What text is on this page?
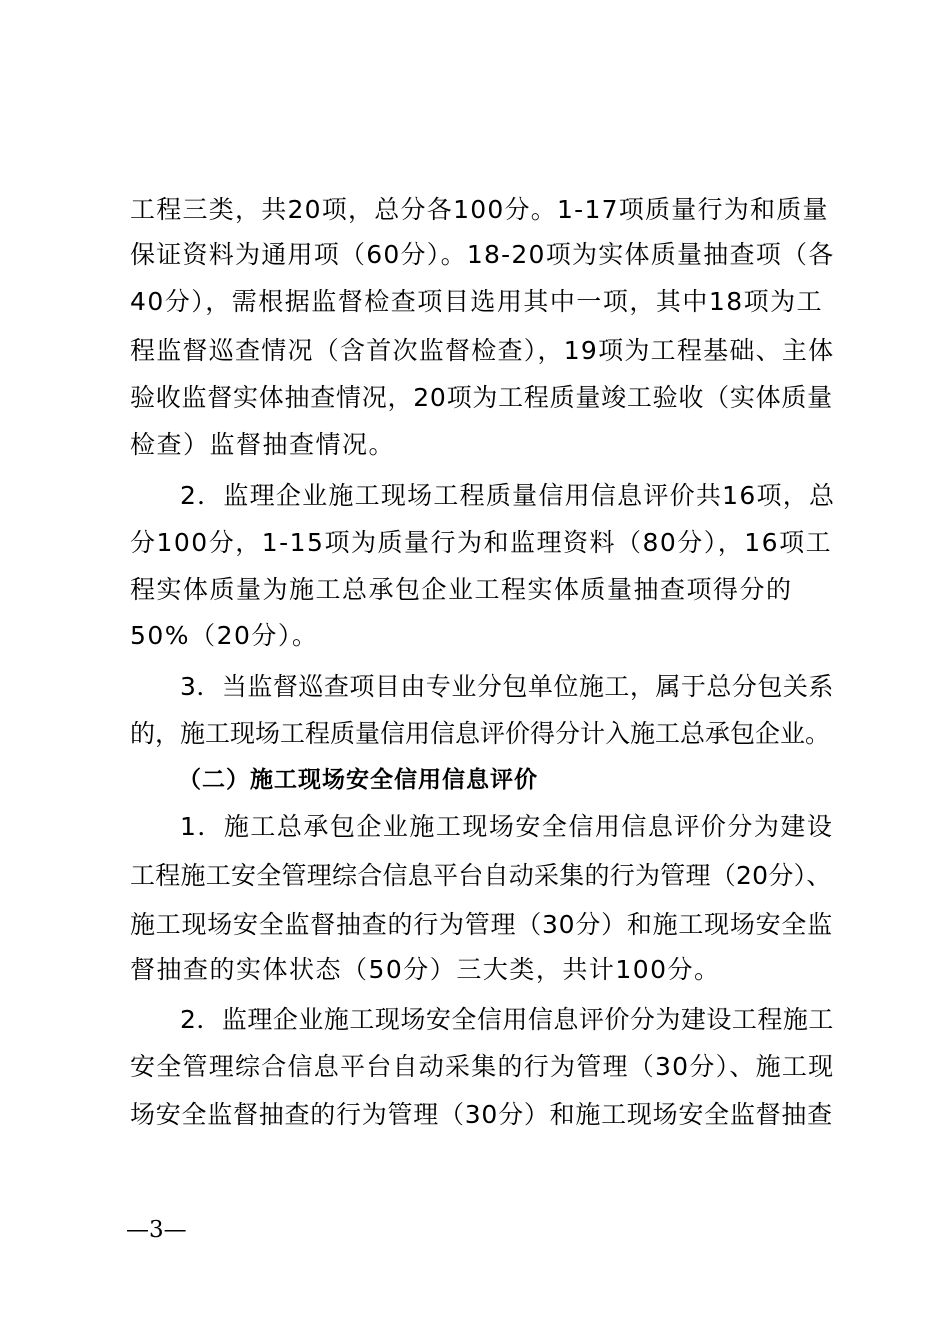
工程三类，共20项，总分各100分。1-17项质量行为和质量
保证资料为通用项（60分）。18-20项为实体质量抽查项（各
40分），需根据监督检查项目选用其中一项，其中18项为工
程监督巡查情况（含首次监督检查），19项为工程基础、主体
验收监督实体抽查情况，20项为工程质量竣工验收（实体质量
检查）监督抽查情况。
2．监理企业施工现场工程质量信用信息评价共16项，总
分100分，1-15项为质量行为和监理资料（80分），16项工
程实体质量为施工总承包企业工程实体质量抽查项得分的
50%（20分）。
3．当监督巡查项目由专业分包单位施工，属于总分包关系
的，施工现场工程质量信用信息评价得分计入施工总承包企业。
（二）施工现场安全信用信息评价
1．施工总承包企业施工现场安全信用信息评价分为建设
工程施工安全管理综合信息平台自动采集的行为管理（20分）、
施工现场安全监督抽查的行为管理（30分）和施工现场安全监
督抽查的实体状态（50分）三大类，共计100分。
2．监理企业施工现场安全信用信息评价分为建设工程施工
安全管理综合信息平台自动采集的行为管理（30分）、施工现
场安全监督抽查的行为管理（30分）和施工现场安全监督抽查
—3—
